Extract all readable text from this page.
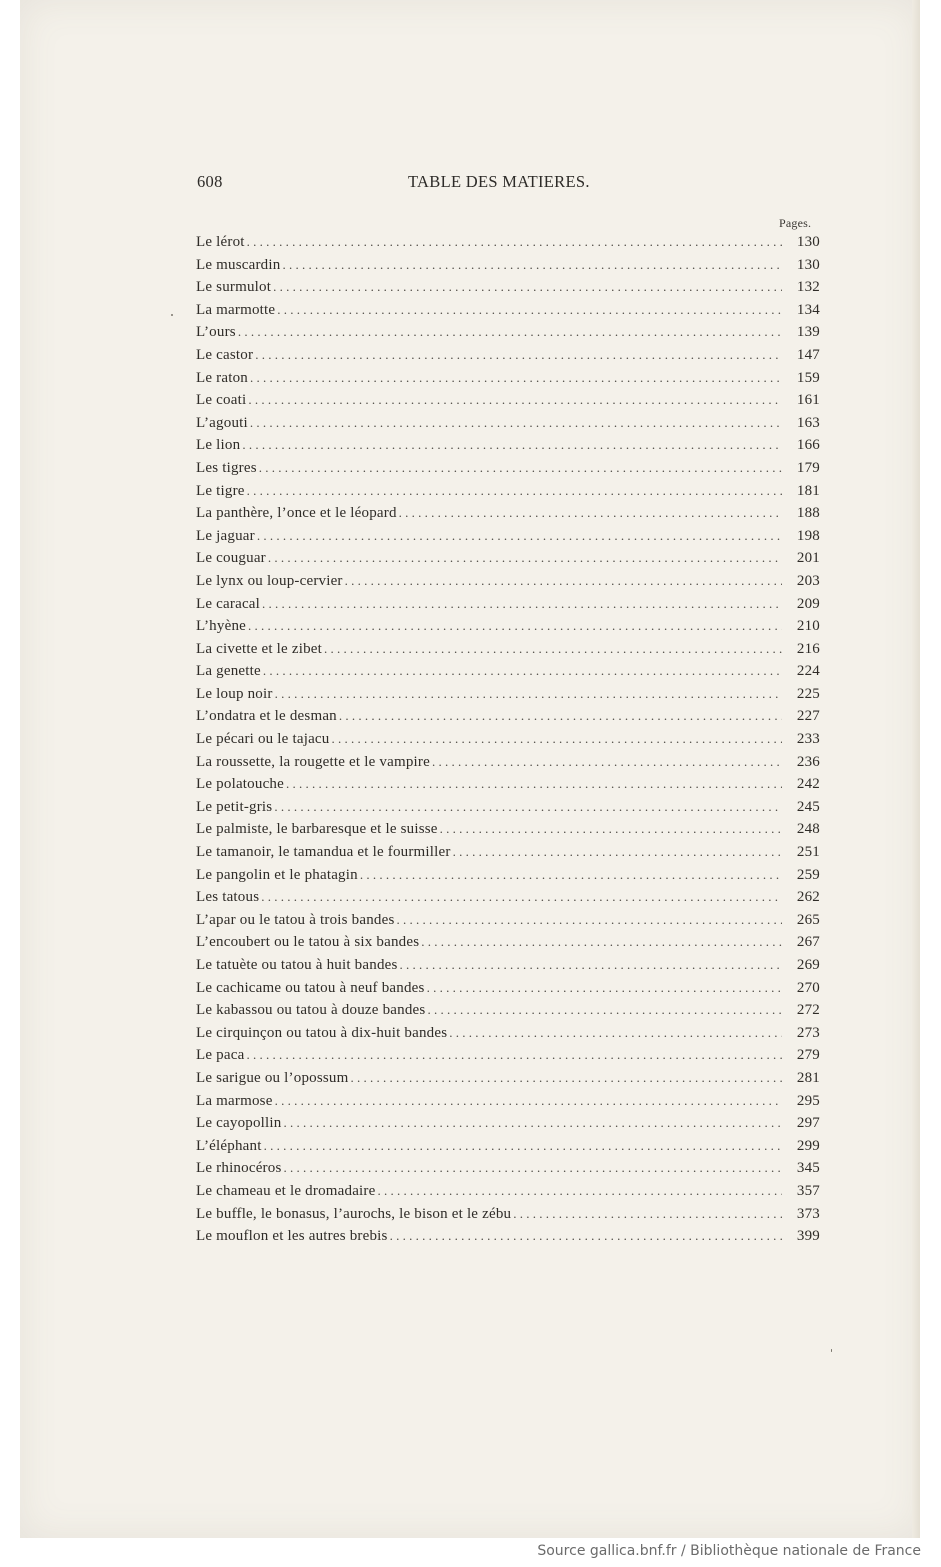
608	TABLE DES MATIERES.
Pages.
Le lérot . . .	130
Le muscardin . . .	130
Le surmulot . . .	132
La marmotte . . .	134
L’ours . . .	139
Le castor . . .	147
Le raton . . .	159
Le coati . . .	161
L’agouti . . .	163
Le lion . . .	166
Les tigres . . .	179
Le tigre . . .	181
La panthère, l’once et le léopard . . .	188
Le jaguar . . .	198
Le couguar . . .	201
Le lynx ou loup-cervier . . .	203
Le caracal . . .	209
L’hyène . . .	210
La civette et le zibet . . .	216
La genette . . .	224
Le loup noir . . .	225
L’ondatra et le desman . . .	227
Le pécari ou le tajacu . . .	233
La roussette, la rougette et le vampire . . .	236
Le polatouche . . .	242
Le petit-gris . . .	245
Le palmiste, le barbaresque et le suisse . . .	248
Le tamanoir, le tamandua et le fourmiller . . .	251
Le pangolin et le phatagin . . .	259
Les tatous . . .	262
L’apar ou le tatou à trois bandes . . .	265
L’encoubert ou le tatou à six bandes . . .	267
Le tatuète ou tatou à huit bandes . . .	269
Le cachicame ou tatou à neuf bandes . . .	270
Le kabassou ou tatou à douze bandes . . .	272
Le cirquinçon ou tatou à dix-huit bandes . . .	273
Le paca . . .	279
Le sarigue ou l’opossum . . .	281
La marmose . . .	295
Le cayopollin . . .	297
L’éléphant . . .	299
Le rhinocéros . . .	345
Le chameau et le dromadaire . . .	357
Le buffle, le bonasus, l’aurochs, le bison et le zébu . . .	373
Le mouflon et les autres brebis . . .	399
Source gallica.bnf.fr / Bibliothèque nationale de France
